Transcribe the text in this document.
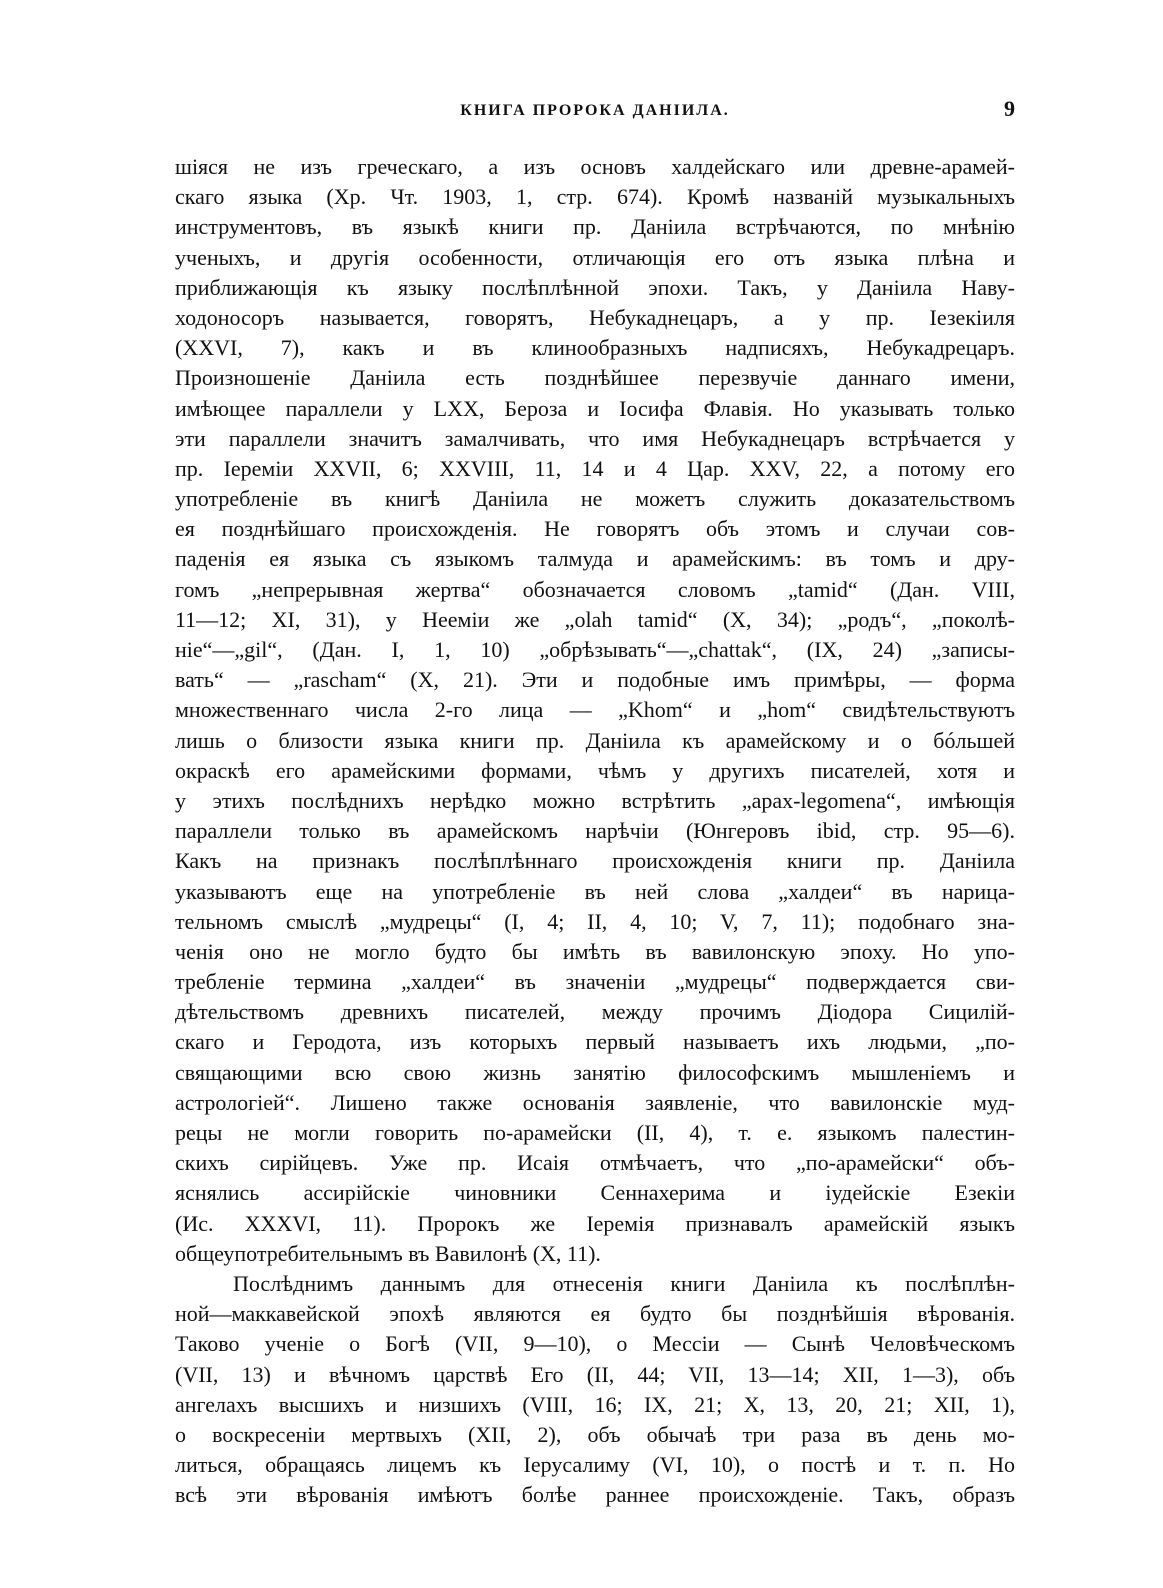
КНИГА ПРОРОКА ДАНIИЛА.	9
шiяся не изъ греческаго, а изъ основъ халдейскаго или древне-арамей-
скаго языка (Хр. Чт. 1903, 1, стр. 674). Кромѣ названiй музыкальныхъ
инструментовъ, въ языкѣ книги пр. Данiила встрѣчаются, по мнѣнiю
ученыхъ, и другiя особенности, отличающiя его отъ языка плѣна и
приближающiя къ языку послѣплѣнной эпохи. Такъ, у Данiила Наву-
ходоносоръ называется, говорятъ, Небукаднецаръ, а у пр. Iезекiиля
(XXVI, 7), какъ и въ клинообразныхъ надписяхъ, Небукадрецаръ.
Произношенiе Данiила есть позднѣйшее перезвучiе даннаго имени,
имѣющее параллели у LXX, Бероза и Iосифа Флавiя. Но указывать только
эти параллели значитъ замалчивать, что имя Небукаднецаръ встрѣчается у
пр. Iеремiи XXVII, 6; XXVIII, 11, 14 и 4 Цар. XXV, 22, а потому его
употребленiе въ книгѣ Данiила не можетъ служить доказательствомъ
ея позднѣйшаго происхожденiя. Не говорятъ объ этомъ и случаи сов-
паденiя ея языка съ языкомъ талмуда и арамейскимъ: въ томъ и дру-
гомъ „непрерывная жертва“ обозначается словомъ „tamid“ (Дан. VIII,
11—12; XI, 31), у Неемiи же „olah tamid“ (X, 34); „родъ“, „поколѣ-
нiе“—„gil“, (Дан. I, 1, 10) „обрѣзывать“—„chattak“, (IX, 24) „записы-
вать“ — „rascham“ (X, 21). Эти и подобные имъ примѣры, — форма
множественнаго числа 2-го лица — „Khom“ и „hom“ свидѣтельствуютъ
лишь о близости языка книги пр. Данiила къ арамейскому и о бóльшей
окраскѣ его арамейскими формами, чѣмъ у другихъ писателей, хотя и
у этихъ послѣднихъ нерѣдко можно встрѣтить „apax-legomena“, имѣющiя
параллели только въ арамейскомъ нарѣчiи (Юнгеровъ ibid, стр. 95—6).
Какъ на признакъ послѣплѣннаго происхожденiя книги пр. Данiила
указываютъ еще на употребленiе въ ней слова „халдеи“ въ нарица-
тельномъ смыслѣ „мудрецы“ (I, 4; II, 4, 10; V, 7, 11); подобнаго зна-
ченiя оно не могло будто бы имѣть въ вавилонскую эпоху. Но упо-
требленiе термина „халдеи“ въ значенiи „мудрецы“ подверждается сви-
дѣтельствомъ древнихъ писателей, между прочимъ Дiодора Сицилiй-
скаго и Геродота, изъ которыхъ первый называетъ ихъ людьми, „по-
свящающими всю свою жизнь занятiю философскимъ мышленiемъ и
астрологiей“. Лишено также основанiя заявленiе, что вавилонскiе муд-
рецы не могли говорить по-арамейски (II, 4), т. е. языкомъ палестин-
скихъ сирiйцевъ. Уже пр. Исаiя отмѣчаетъ, что „по-арамейски“ объ-
яснялись ассирiйскiе чиновники Сеннахерима и iудейскiе Езекiи
(Ис. XXXVI, 11). Пророкъ же Iеремiя признавалъ арамейскiй языкъ
общеупотребительнымъ въ Вавилонѣ (X, 11).
Послѣднимъ даннымъ для отнесенiя книги Данiила къ послѣплѣн-
ной—маккавейской эпохѣ являются ея будто бы позднѣйшiя вѣрованiя.
Таково ученiе о Богѣ (VII, 9—10), о Мессiи — Сынѣ Человѣческомъ
(VII, 13) и вѣчномъ царствѣ Его (II, 44; VII, 13—14; XII, 1—3), объ
ангелахъ высшихъ и низшихъ (VIII, 16; IX, 21; X, 13, 20, 21; XII, 1),
о воскресенiи мертвыхъ (XII, 2), объ обычаѣ три раза въ день мо-
литься, обращаясь лицемъ къ Iерусалиму (VI, 10), о постѣ и т. п. Но
всѣ эти вѣрованiя имѣютъ болѣе раннее происхожденiе. Такъ, образъ
